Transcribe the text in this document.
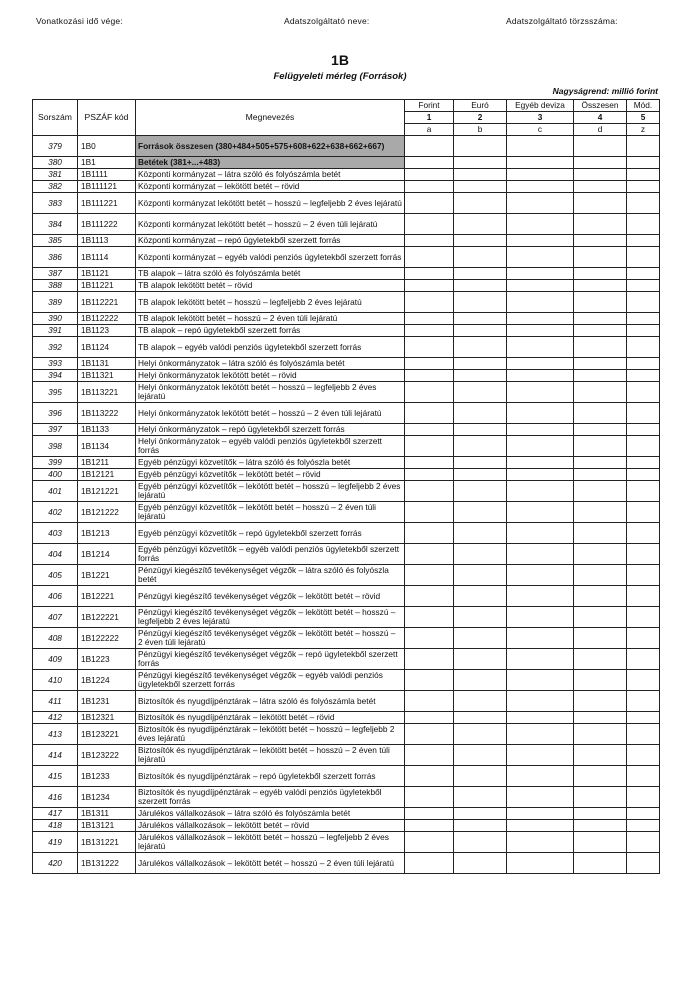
Vonatkozási idő vége:	Adatszolgáltató neve:	Adatszolgáltató törzsszáma:
1B
Felügyeleti mérleg (Források)
Nagyságrend: millió forint
Sorszám	PSZÁF kód	Megnevezés	Forint	Euró	Egyéb deviza	Összesen	Mód.
			1	2	3	4	5
			a	b	c	d	z
379	1B0	Források összesen (380+484+505+575+608+622+638+662+667)					
380	1B1	Betétek (381+...+483)					
381	1B1111	Központi kormányzat – látra szóló és folyószámla betét					
382	1B111121	Központi kormányzat – lekötött betét – rövid					
383	1B111221	Központi kormányzat lekötött betét – hosszú – legfeljebb 2 éves lejáratú					
384	1B111222	Központi kormányzat lekötött betét – hosszú – 2 éven túli lejáratú					
385	1B1113	Központi kormányzat – repó ügyletekből szerzett forrás					
386	1B1114	Központi kormányzat – egyéb valódi penziós ügyletekből szerzett forrás					
387	1B1121	TB alapok – látra szóló és folyószámla betét					
388	1B11221	TB alapok lekötött betét – rövid					
389	1B112221	TB alapok lekötött betét – hosszú – legfeljebb 2 éves lejáratú					
390	1B112222	TB alapok lekötött betét – hosszú – 2 éven túli lejáratú					
391	1B1123	TB alapok – repó ügyletekből szerzett forrás					
392	1B1124	TB alapok – egyéb valódi penziós ügyletekből szerzett forrás					
393	1B1131	Helyi önkormányzatok – látra szóló és folyószámla betét					
394	1B11321	Helyi önkormányzatok lekötött betét – rövid					
395	1B113221	Helyi önkormányzatok lekötött betét – hosszú – legfeljebb 2 éves lejáratú					
396	1B113222	Helyi önkormányzatok lekötött betét – hosszú – 2 éven túli lejáratú					
397	1B1133	Helyi önkormányzatok – repó ügyletekből szerzett forrás					
398	1B1134	Helyi önkormányzatok – egyéb valódi penziós ügyletekből szerzett forrás					
399	1B1211	Egyéb pénzügyi közvetítők – látra szóló és folyószla betét					
400	1B12121	Egyéb pénzügyi közvetítők – lekötött betét – rövid					
401	1B121221	Egyéb pénzügyi közvetítők – lekötött betét – hosszú – legfeljebb 2 éves lejáratú					
402	1B121222	Egyéb pénzügyi közvetítők – lekötött betét – hosszú – 2 éven túli lejáratú					
403	1B1213	Egyéb pénzügyi közvetítők – repó ügyletekből szerzett forrás					
404	1B1214	Egyéb pénzügyi közvetítők – egyéb valódi penziós ügyletekből szerzett forrás					
405	1B1221	Pénzügyi kiegészítő tevékenységet végzők – látra szóló és folyószla betét					
406	1B12221	Pénzügyi kiegészítő tevékenységet végzők – lekötött betét – rövid					
407	1B122221	Pénzügyi kiegészítő tevékenységet végzők – lekötött betét – hosszú – legfeljebb 2 éves lejáratú					
408	1B122222	Pénzügyi kiegészítő tevékenységet végzők – lekötött betét – hosszú – 2 éven túli lejáratú					
409	1B1223	Pénzügyi kiegészítő tevékenységet végzők – repó ügyletekből szerzett forrás					
410	1B1224	Pénzügyi kiegészítő tevékenységet végzők – egyéb valódi penziós ügyletekből szerzett forrás					
411	1B1231	Biztosítók és nyugdíjpénztárak – látra szóló és folyószámla betét					
412	1B12321	Biztosítók és nyugdíjpénztárak – lekötött betét – rövid					
413	1B123221	Biztosítók és nyugdíjpénztárak – lekötött betét – hosszú – legfeljebb 2 éves lejáratú					
414	1B123222	Biztosítók és nyugdíjpénztárak – lekötött betét – hosszú – 2 éven túli lejáratú					
415	1B1233	Biztosítók és nyugdíjpénztárak – repó ügyletekből szerzett forrás					
416	1B1234	Biztosítók és nyugdíjpénztárak – egyéb valódi penziós ügyletekből szerzett forrás					
417	1B1311	Járulékos vállalkozások – látra szóló és folyószámla betét					
418	1B13121	Járulékos vállalkozások – lekötött betét – rövid					
419	1B131221	Járulékos vállalkozások – lekötött betét – hosszú – legfeljebb 2 éves lejáratú					
420	1B131222	Járulékos vállalkozások – lekötött betét – hosszú – 2 éven túli lejáratú					
